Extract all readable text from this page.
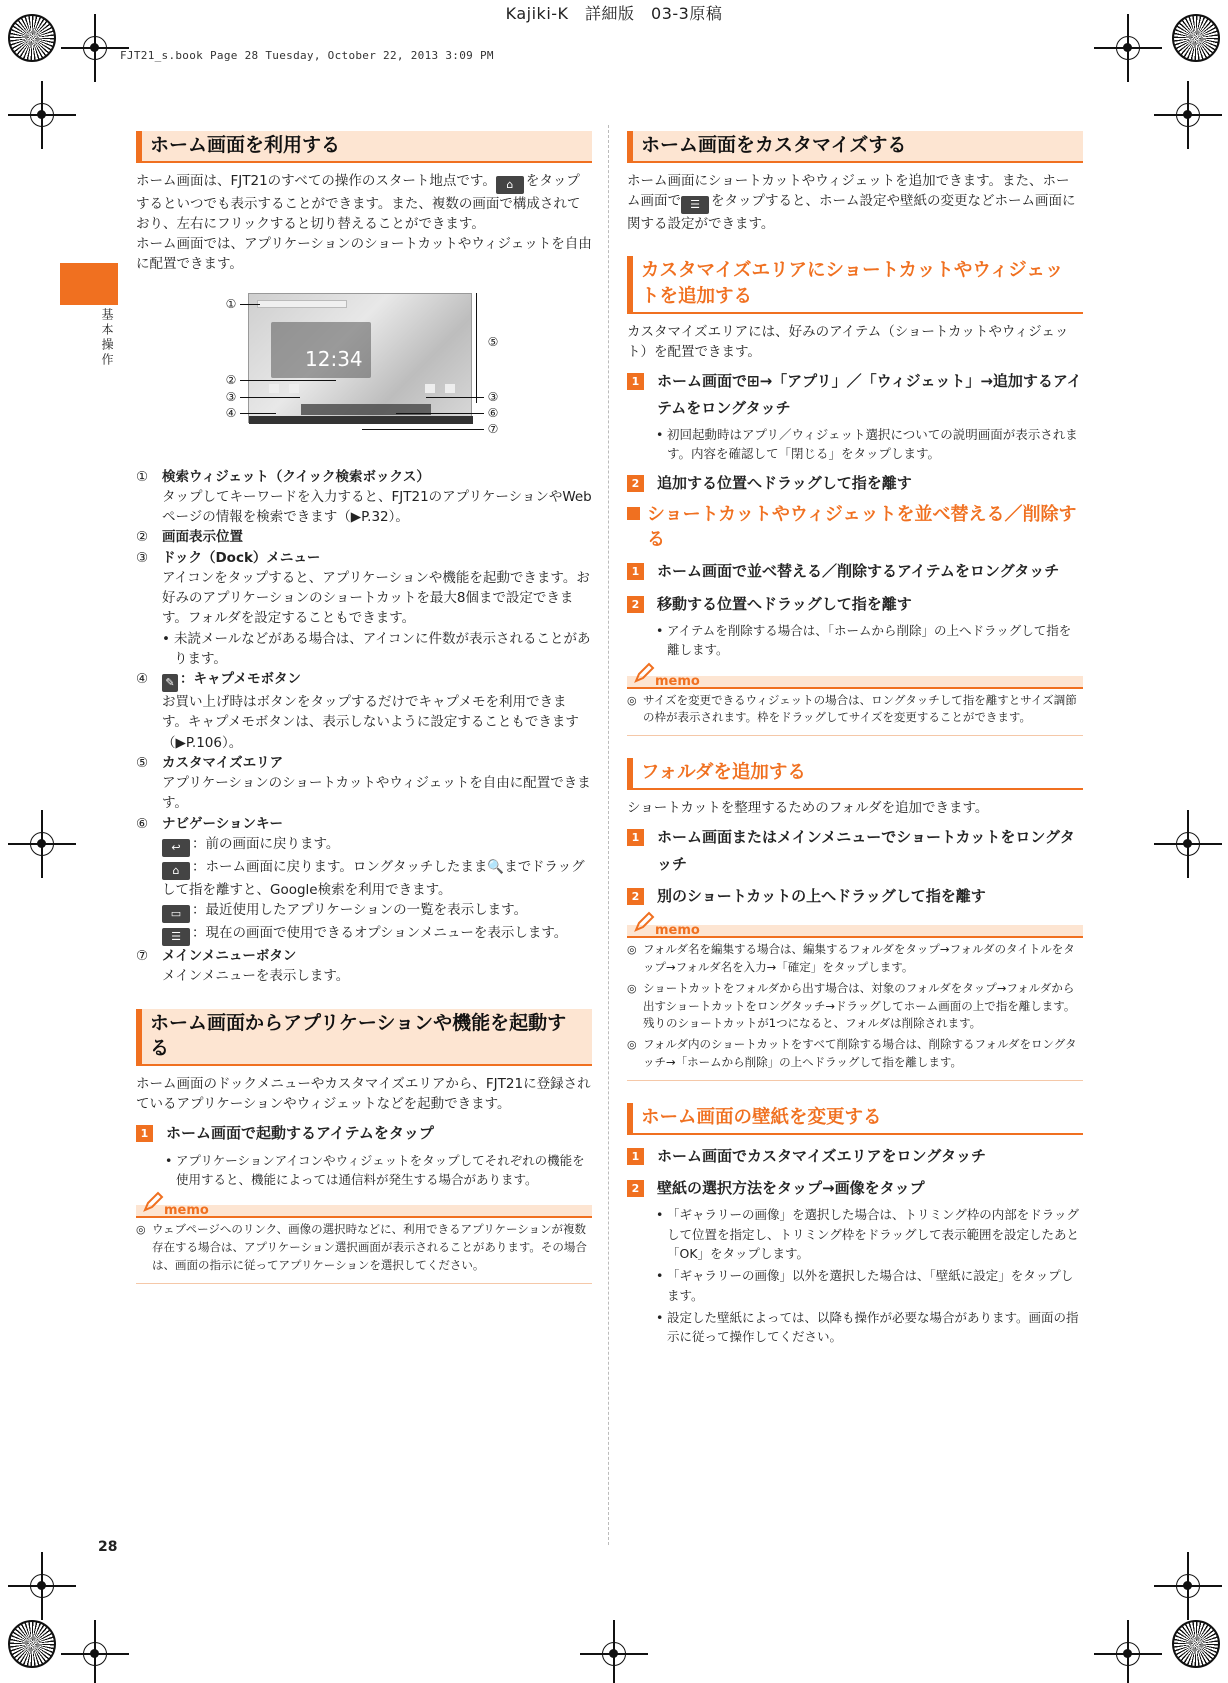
Kajiki-K　詳細版　03-3原稿
FJT21_s.book Page 28 Tuesday, October 22, 2013 3:09 PM
基本操作
28
ホーム画面を利用する

ホーム画面は、FJT21のすべての操作のスタート地点です。 ⌂ をタップするといつでも表示することができます。また、複数の画面で構成されており、左右にフリックすると切り替えることができます。

ホーム画面では、アプリケーションのショートカットやウィジェットを自由に配置できます。

12:34
①
②
③
④
⑤
③
⑥
⑦
① 検索ウィジェット（クイック検索ボックス）
タップしてキーワードを入力すると、FJT21のアプリケーションやWebページの情報を検索できます（▶P.32）。
② 画面表示位置
③ ドック（Dock）メニュー
アイコンをタップすると、アプリケーションや機能を起動できます。お好みのアプリケーションのショートカットを最大8個まで設定できます。フォルダを設定することもできます。
• 未読メールなどがある場合は、アイコンに件数が表示されることがあります。
④	✎ ：キャプメモボタン
お買い上げ時はボタンをタップするだけでキャプメモを利用できます。キャプメモボタンは、表示しないように設定することもできます（▶P.106）。
⑤ カスタマイズエリア
アプリケーションのショートカットやウィジェットを自由に配置できます。
⑥ ナビゲーションキー
↩ ：前の画面に戻ります。
⌂ ：ホーム画面に戻ります。ロングタッチしたまま🔍までドラッグして指を離すと、Google検索を利用できます。
▭ ：最近使用したアプリケーションの一覧を表示します。
☰ ：現在の画面で使用できるオプションメニューを表示します。
⑦ メインメニューボタン
メインメニューを表示します。
ホーム画面からアプリケーションや機能を起動する

ホーム画面のドックメニューやカスタマイズエリアから、FJT21に登録されているアプリケーションやウィジェットなどを起動できます。

1	ホーム画面で起動するアイテムをタップ
• アプリケーションアイコンやウィジェットをタップしてそれぞれの機能を使用すると、機能によっては通信料が発生する場合があります。
memo
◎ ウェブページへのリンク、画像の選択時などに、利用できるアプリケーションが複数存在する場合は、アプリケーション選択画面が表示されることがあります。その場合は、画面の指示に従ってアプリケーションを選択してください。
ホーム画面をカスタマイズする

ホーム画面にショートカットやウィジェットを追加できます。また、ホーム画面で ☰ をタップすると、ホーム設定や壁紙の変更などホーム画面に関する設定ができます。

カスタマイズエリアにショートカットやウィジェットを追加する

カスタマイズエリアには、好みのアイテム（ショートカットやウィジェット）を配置できます。

1	ホーム画面で⊞→「アプリ」／「ウィジェット」→追加するアイテムをロングタッチ
• 初回起動時はアプリ／ウィジェット選択についての説明画面が表示されます。内容を確認して「閉じる」をタップします。
2	追加する位置へドラッグして指を離す
ショートカットやウィジェットを並べ替える／削除する
1	ホーム画面で並べ替える／削除するアイテムをロングタッチ
2	移動する位置へドラッグして指を離す
• アイテムを削除する場合は、「ホームから削除」の上へドラッグして指を離します。
memo
◎ サイズを変更できるウィジェットの場合は、ロングタッチして指を離すとサイズ調節の枠が表示されます。枠をドラッグしてサイズを変更することができます。
フォルダを追加する

ショートカットを整理するためのフォルダを追加できます。

1	ホーム画面またはメインメニューでショートカットをロングタッチ
2	別のショートカットの上へドラッグして指を離す
memo
◎ フォルダ名を編集する場合は、編集するフォルダをタップ→フォルダのタイトルをタップ→フォルダ名を入力→「確定」をタップします。
◎ ショートカットをフォルダから出す場合は、対象のフォルダをタップ→フォルダから出すショートカットをロングタッチ→ドラッグしてホーム画面の上で指を離します。残りのショートカットが1つになると、フォルダは削除されます。
◎ フォルダ内のショートカットをすべて削除する場合は、削除するフォルダをロングタッチ→「ホームから削除」の上へドラッグして指を離します。
ホーム画面の壁紙を変更する
1	ホーム画面でカスタマイズエリアをロングタッチ
2	壁紙の選択方法をタップ→画像をタップ
• 「ギャラリーの画像」を選択した場合は、トリミング枠の内部をドラッグして位置を指定し、トリミング枠をドラッグして表示範囲を設定したあと「OK」をタップします。
• 「ギャラリーの画像」以外を選択した場合は、「壁紙に設定」をタップします。
• 設定した壁紙によっては、以降も操作が必要な場合があります。画面の指示に従って操作してください。
